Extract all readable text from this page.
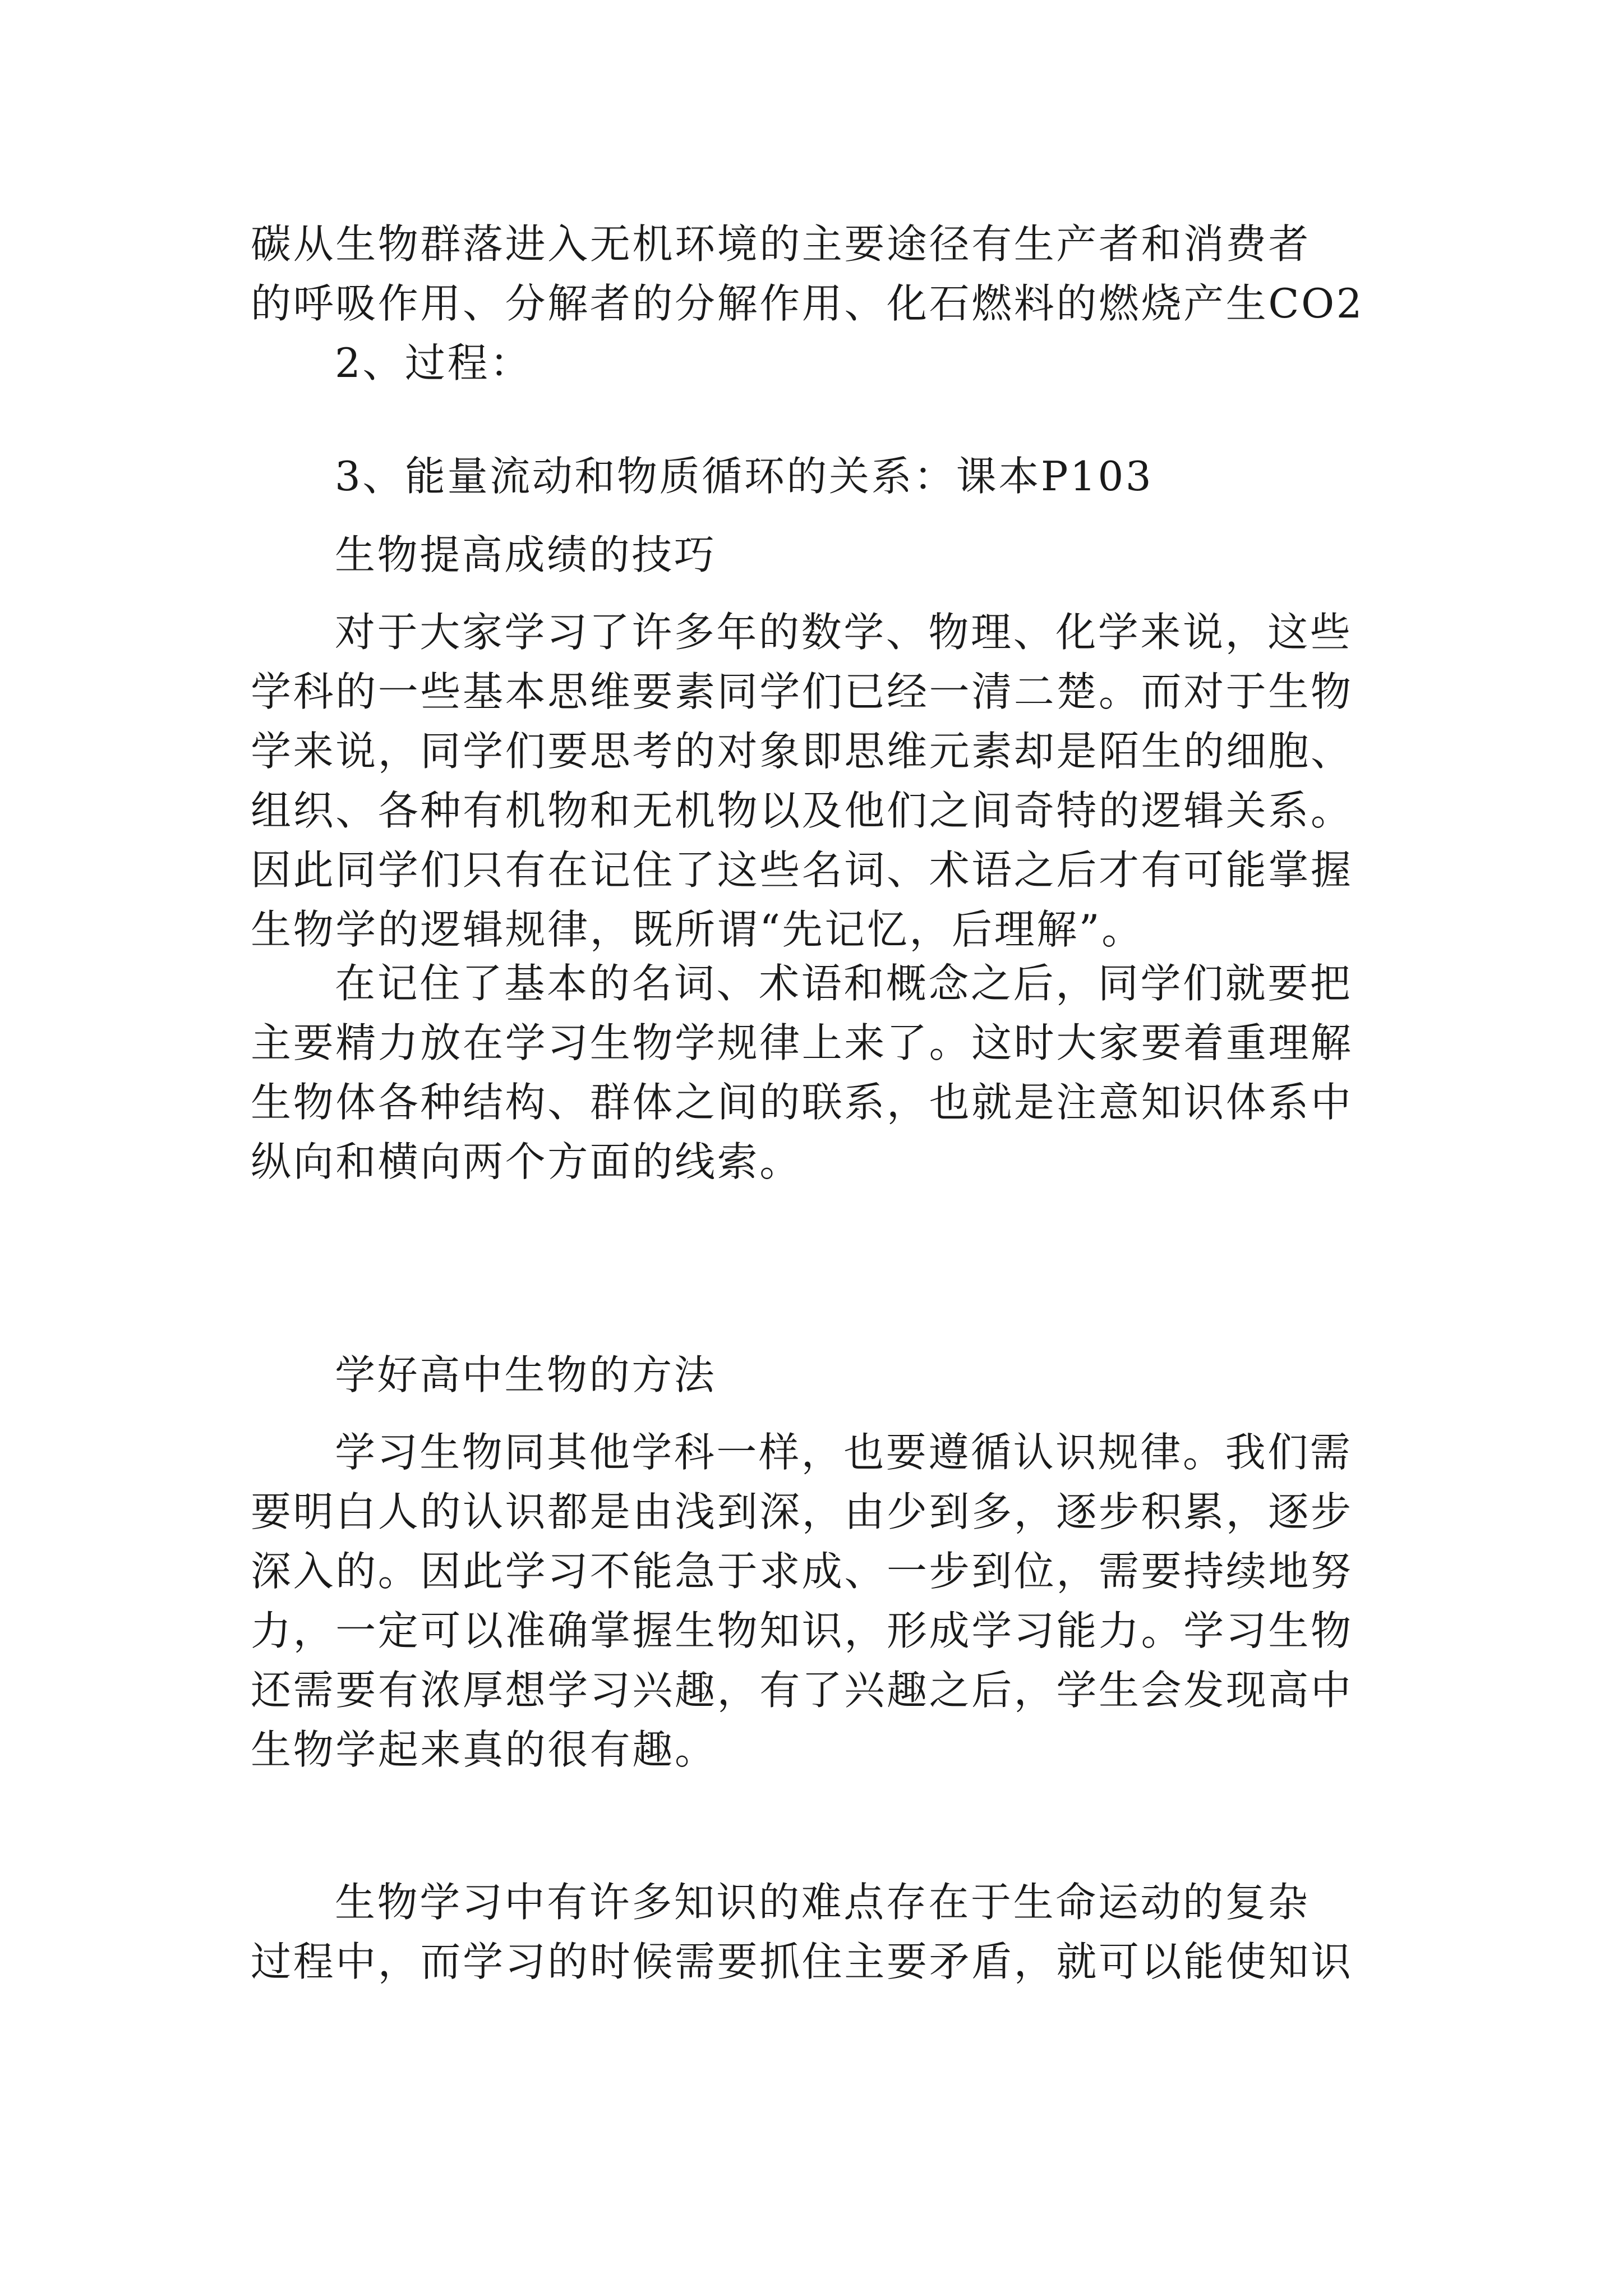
碳从生物群落进入无机环境的主要途径有生产者和消费者
的呼吸作用、分解者的分解作用、化石燃料的燃烧产生CO2
2、过程：
3、能量流动和物质循环的关系：课本P103
生物提高成绩的技巧
对于大家学习了许多年的数学、物理、化学来说，这些
学科的一些基本思维要素同学们已经一清二楚。而对于生物
学来说，同学们要思考的对象即思维元素却是陌生的细胞、
组织、各种有机物和无机物以及他们之间奇特的逻辑关系。
因此同学们只有在记住了这些名词、术语之后才有可能掌握
生物学的逻辑规律，既所谓“先记忆，后理解”。
在记住了基本的名词、术语和概念之后，同学们就要把
主要精力放在学习生物学规律上来了。这时大家要着重理解
生物体各种结构、群体之间的联系，也就是注意知识体系中
纵向和横向两个方面的线索。
学好高中生物的方法
学习生物同其他学科一样，也要遵循认识规律。我们需
要明白人的认识都是由浅到深，由少到多，逐步积累，逐步
深入的。因此学习不能急于求成、一步到位，需要持续地努
力，一定可以准确掌握生物知识，形成学习能力。学习生物
还需要有浓厚想学习兴趣，有了兴趣之后，学生会发现高中
生物学起来真的很有趣。
生物学习中有许多知识的难点存在于生命运动的复杂
过程中，而学习的时候需要抓住主要矛盾，就可以能使知识
